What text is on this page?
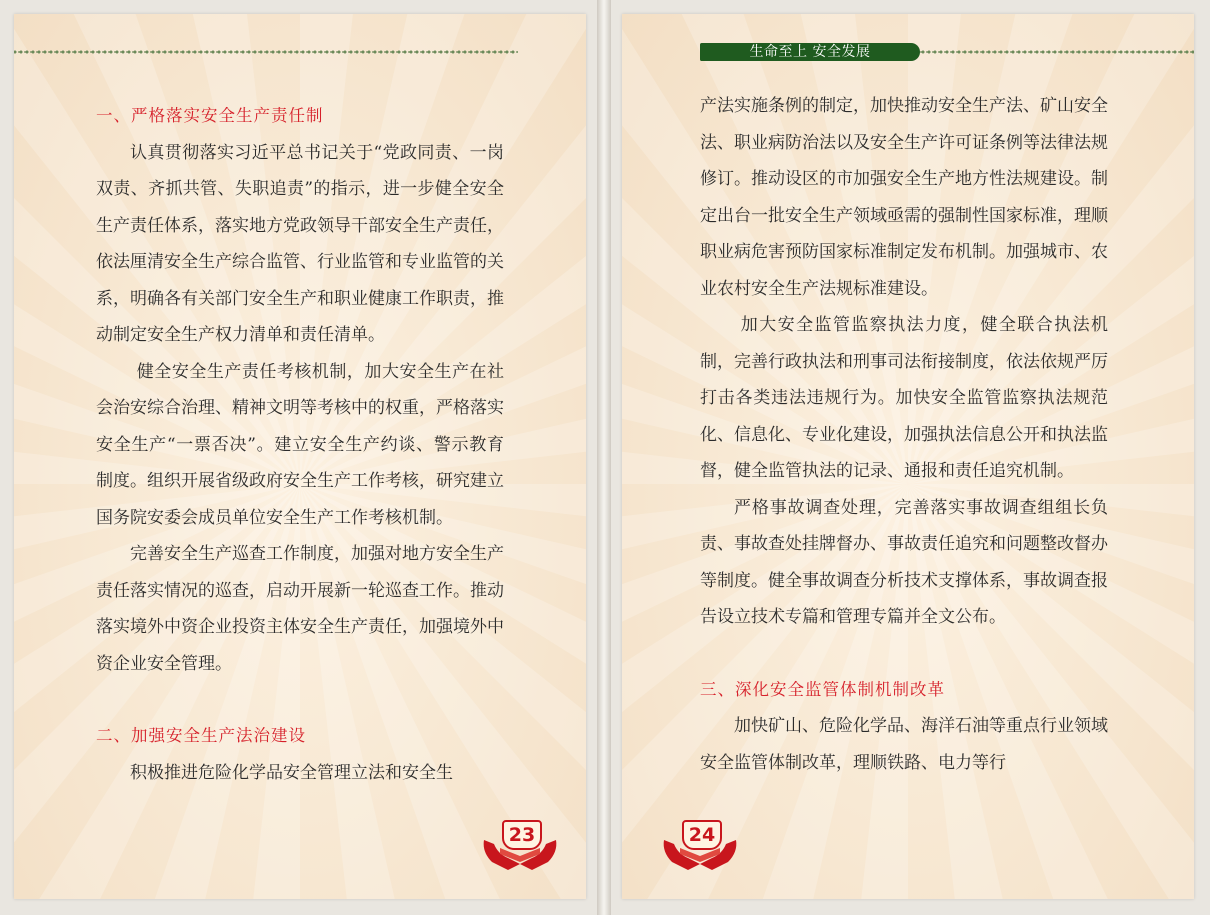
一、严格落实安全生产责任制

认真贯彻落实习近平总书记关于“党政同责、一岗双责、齐抓共管、失职追责”的指示，进一步健全安全生产责任体系，落实地方党政领导干部安全生产责任，依法厘清安全生产综合监管、行业监管和专业监管的关系，明确各有关部门安全生产和职业健康工作职责，推动制定安全生产权力清单和责任清单。

健全安全生产责任考核机制，加大安全生产在社会治安综合治理、精神文明等考核中的权重，严格落实安全生产“一票否决”。建立安全生产约谈、警示教育制度。组织开展省级政府安全生产工作考核，研究建立国务院安委会成员单位安全生产工作考核机制。

完善安全生产巡查工作制度，加强对地方安全生产责任落实情况的巡查，启动开展新一轮巡查工作。推动落实境外中资企业投资主体安全生产责任，加强境外中资企业安全管理。

二、加强安全生产法治建设

积极推进危险化学品安全管理立法和安全生

23
生命至上 安全发展

产法实施条例的制定，加快推动安全生产法、矿山安全法、职业病防治法以及安全生产许可证条例等法律法规修订。推动设区的市加强安全生产地方性法规建设。制定出台一批安全生产领域亟需的强制性国家标准，理顺职业病危害预防国家标准制定发布机制。加强城市、农业农村安全生产法规标准建设。

加大安全监管监察执法力度，健全联合执法机制，完善行政执法和刑事司法衔接制度，依法依规严厉打击各类违法违规行为。加快安全监管监察执法规范化、信息化、专业化建设，加强执法信息公开和执法监督，健全监管执法的记录、通报和责任追究机制。

严格事故调查处理，完善落实事故调查组组长负责、事故查处挂牌督办、事故责任追究和问题整改督办等制度。健全事故调查分析技术支撑体系，事故调查报告设立技术专篇和管理专篇并全文公布。

三、深化安全监管体制机制改革

加快矿山、危险化学品、海洋石油等重点行业领域安全监管体制改革，理顺铁路、电力等行

24
